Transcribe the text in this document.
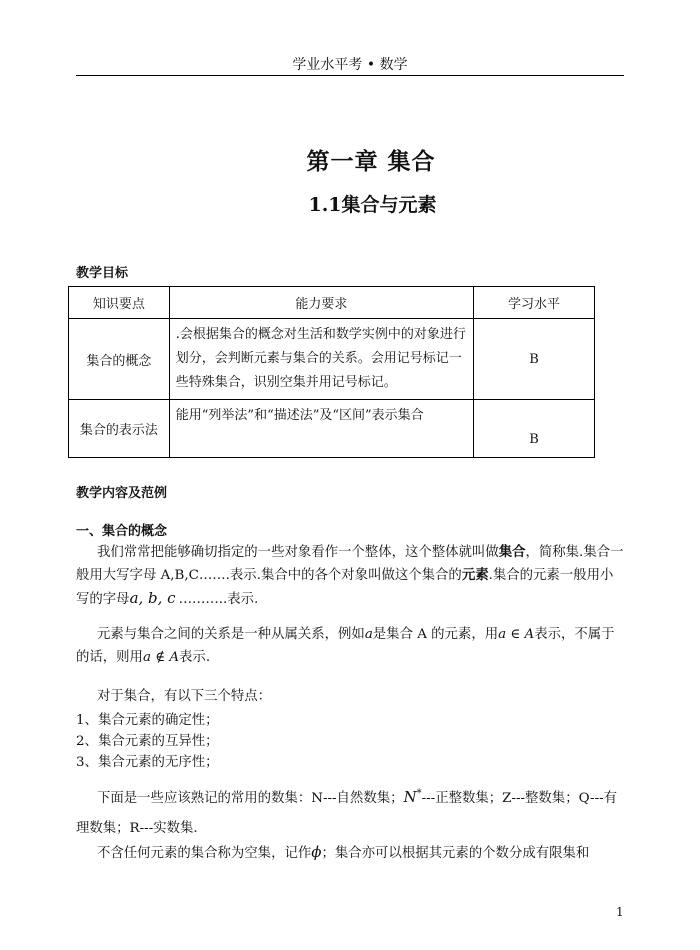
学业水平考 • 数学
第一章 集合
1.1集合与元素
教学目标
知识要点	能力要求	学习水平
集合的概念	.会根据集合的概念对生活和数学实例中的对象进行划分，会判断元素与集合的关系。会用记号标记一些特殊集合，识别空集并用记号标记。	B
集合的表示法	能用“列举法”和“描述法”及“区间”表示集合	B
教学内容及范例
一、集合的概念
我们常常把能够确切指定的一些对象看作一个整体，这个整体就叫做集合，简称集.集合一般用大写字母 A,B,C…….表示.集合中的各个对象叫做这个集合的元素.集合的元素一般用小写的字母a, b, c ………..表示.
元素与集合之间的关系是一种从属关系，例如a是集合 A 的元素，用a ∈ A表示，不属于的话，则用a ∉ A表示.
对于集合，有以下三个特点：
1、集合元素的确定性；
2、集合元素的互异性；
3、集合元素的无序性；
下面是一些应该熟记的常用的数集：N---自然数集；N*---正整数集；Z---整数集；Q---有理数集；R---实数集.
不含任何元素的集合称为空集，记作ϕ；集合亦可以根据其元素的个数分成有限集和
1
